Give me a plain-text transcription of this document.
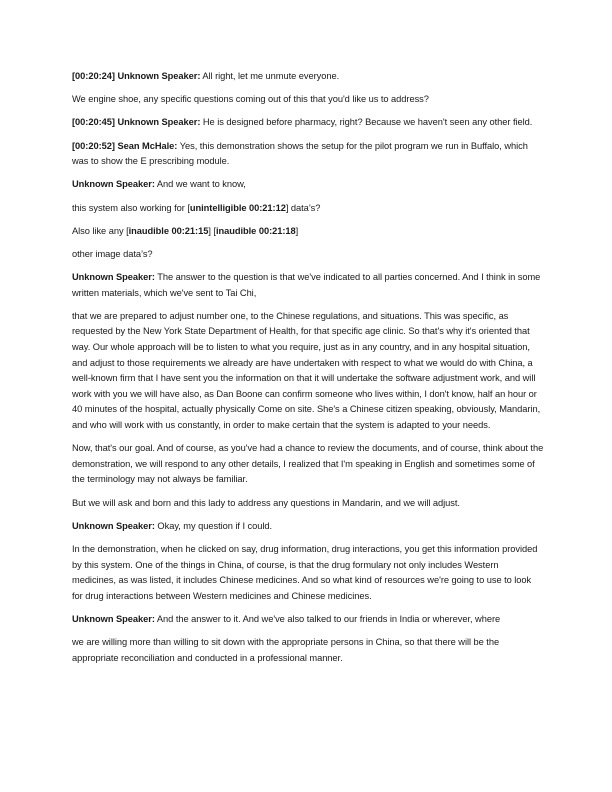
[00:20:24] Unknown Speaker: All right, let me unmute everyone.

We engine shoe, any specific questions coming out of this that you'd like us to address?

[00:20:45] Unknown Speaker: He is designed before pharmacy, right? Because we haven't seen any other field.

[00:20:52] Sean McHale: Yes, this demonstration shows the setup for the pilot program we run in Buffalo, which was to show the E prescribing module.

Unknown Speaker: And we want to know,

this system also working for [unintelligible 00:21:12] data’s?

Also like any [inaudible 00:21:15] [inaudible 00:21:18]

other image data’s?

Unknown Speaker: The answer to the question is that we've indicated to all parties concerned. And I think in some written materials, which we've sent to Tai Chi,

that we are prepared to adjust number one, to the Chinese regulations, and situations. This was specific, as requested by the New York State Department of Health, for that specific age clinic. So that's why it's oriented that way. Our whole approach will be to listen to what you require, just as in any country, and in any hospital situation, and adjust to those requirements we already are have undertaken with respect to what we would do with China, a well-known firm that I have sent you the information on that it will undertake the software adjustment work, and will work with you we will have also, as Dan Boone can confirm someone who lives within, I don't know, half an hour or 40 minutes of the hospital, actually physically Come on site. She's a Chinese citizen speaking, obviously, Mandarin, and who will work with us constantly, in order to make certain that the system is adapted to your needs.

Now, that's our goal. And of course, as you've had a chance to review the documents, and of course, think about the demonstration, we will respond to any other details, I realized that I'm speaking in English and sometimes some of the terminology may not always be familiar.

But we will ask and born and this lady to address any questions in Mandarin, and we will adjust.

Unknown Speaker: Okay, my question if I could.

In the demonstration, when he clicked on say, drug information, drug interactions, you get this information provided by this system. One of the things in China, of course, is that the drug formulary not only includes Western medicines, as was listed, it includes Chinese medicines. And so what kind of resources we're going to use to look for drug interactions between Western medicines and Chinese medicines.

Unknown Speaker: And the answer to it. And we've also talked to our friends in India or wherever, where

we are willing more than willing to sit down with the appropriate persons in China, so that there will be the appropriate reconciliation and conducted in a professional manner.
